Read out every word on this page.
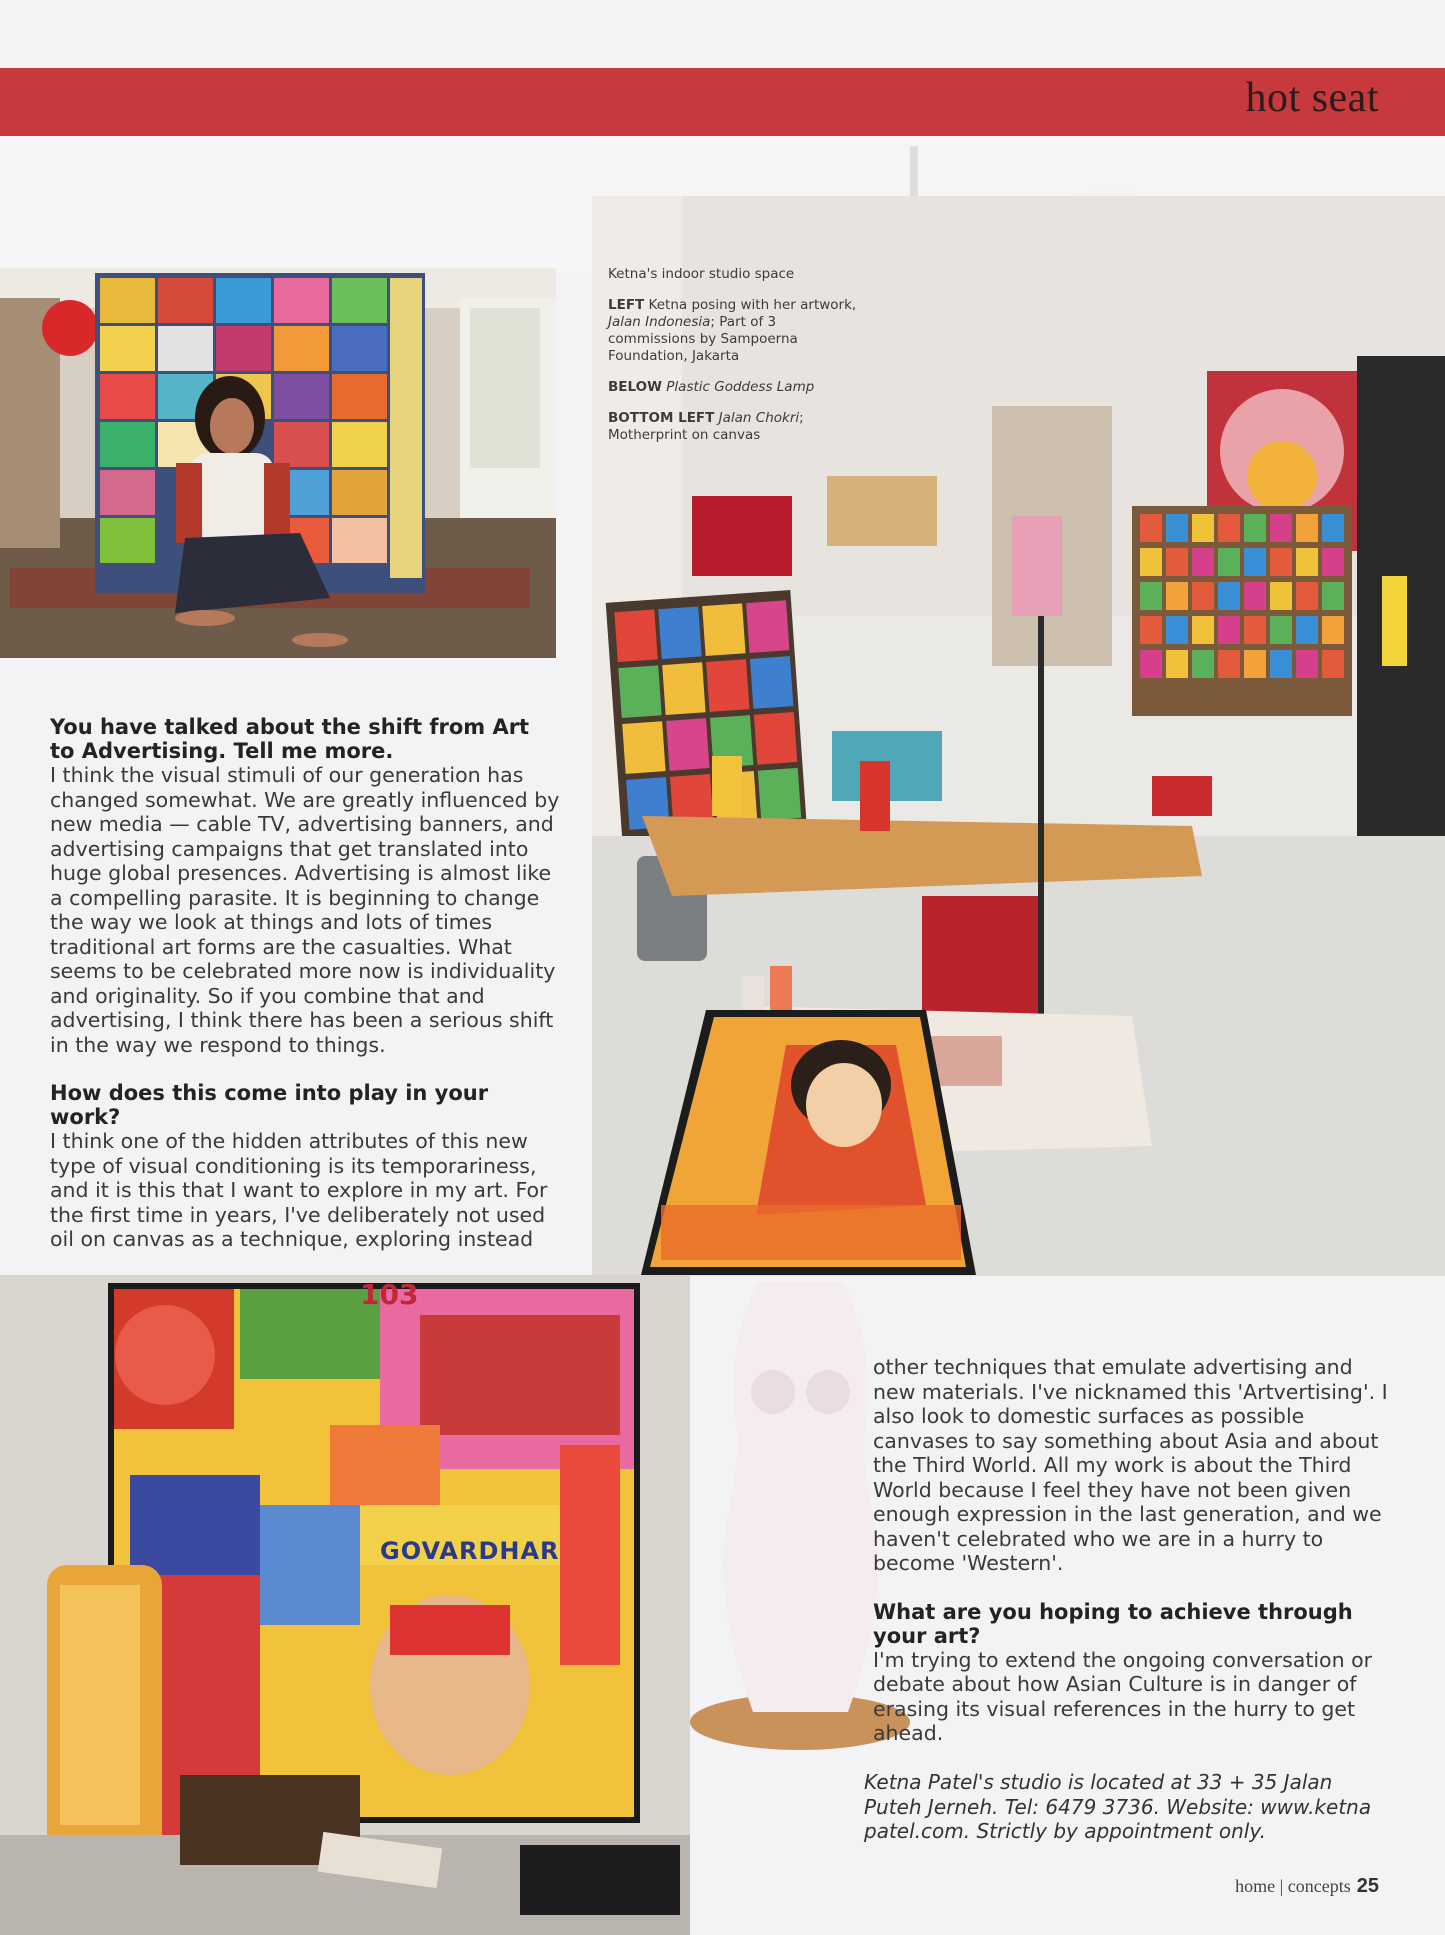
hot seat

Ketna's indoor studio space

LEFT Ketna posing with her artwork, Jalan Indonesia; Part of 3 commissions by Sampoerna Foundation, Jakarta

BELOW Plastic Goddess Lamp

BOTTOM LEFT Jalan Chokri; Motherprint on canvas

103
GOVARDHAR

You have talked about the shift from Art to Advertising. Tell me more.

I think the visual stimuli of our generation has changed somewhat. We are greatly influenced by new media — cable TV, advertising banners, and advertising campaigns that get translated into huge global presences. Advertising is almost like a compelling parasite. It is beginning to change the way we look at things and lots of times traditional art forms are the casualties. What seems to be celebrated more now is individuality and originality. So if you combine that and advertising, I think there has been a serious shift in the way we respond to things.

How does this come into play in your work?

I think one of the hidden attributes of this new type of visual conditioning is its temporariness, and it is this that I want to explore in my art. For the first time in years, I've deliberately not used oil on canvas as a technique, exploring instead

other techniques that emulate advertising and new materials. I've nicknamed this 'Artvertising'. I also look to domestic surfaces as possible canvases to say something about Asia and about the Third World. All my work is about the Third World because I feel they have not been given enough expression in the last generation, and we haven't celebrated who we are in a hurry to become 'Western'.

What are you hoping to achieve through your art?

I'm trying to extend the ongoing conversation or debate about how Asian Culture is in danger of erasing its visual references in the hurry to get ahead.

Ketna Patel's studio is located at 33 + 35 Jalan Puteh Jerneh. Tel: 6479 3736. Website: www.ketna patel.com. Strictly by appointment only.
home | concepts 25
